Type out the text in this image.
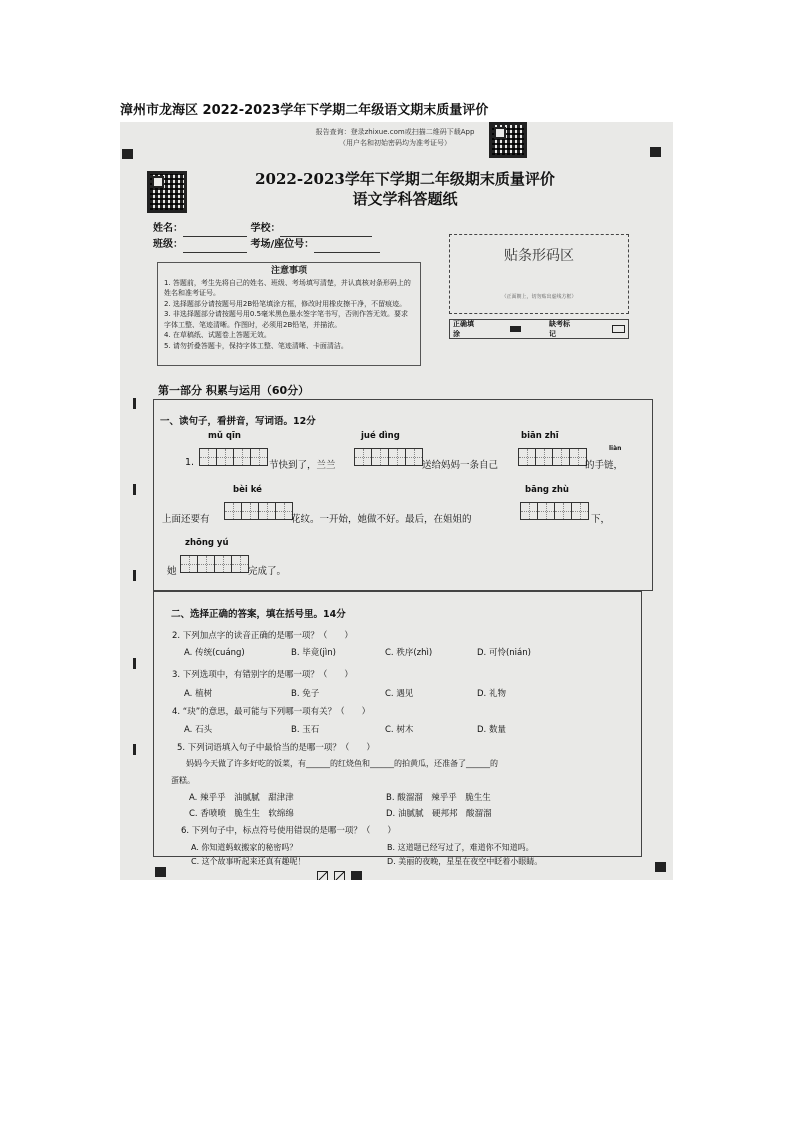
漳州市龙海区 2022-2023学年下学期二年级语文期末质量评价
报告查询：登录zhixue.com或扫描二维码下载App
（用户名和初始密码均为准考证号）
2022-2023学年下学期二年级期末质量评价
语文学科答题纸
姓名：	学校：
班级：	考场/座位号：
注意事项
1. 答题前，考生先将自己的姓名、班级、考场填写清楚，并认真核对条形码上的姓名和准考证号。
2. 选择题部分请按题号用2B铅笔填涂方框，修改时用橡皮擦干净，不留痕迹。
3. 非选择题部分请按题号用0.5毫米黑色墨水签字笔书写，否则作答无效。要求字体工整、笔迹清晰。作图时，必须用2B铅笔，并描浓。
4. 在草稿纸、试题卷上答题无效。
5. 请勿折叠答题卡，保持字体工整、笔迹清晰、卡面清洁。
贴条形码区
（正面朝上，切勿贴出虚线方框）
正确填涂
缺考标记
第一部分 积累与运用（60分）
一、读句子，看拼音，写词语。12分
mǔ qīn
1.	节快到了，兰兰
jué dìng
送给妈妈一条自己
biān zhī
liàn
的手链，
上面还要有
bèi ké
花纹。一开始，她做不好。最后，在姐姐的
bāng zhù
下，
她
zhōng yú
完成了。
二、选择正确的答案，填在括号里。14分
2. 下列加点字的读音正确的是哪一项？（　　）
A. 传统(cuáng)	B. 毕竟(jìn)	C. 秩序(zhì)	D. 可怜(nián)
3. 下列选项中，有错别字的是哪一项？（　　）
A. 植树	B. 免子	C. 遇见	D. 礼物
4. “玦”的意思，最可能与下列哪一项有关？（　　）
A. 石头	B. 玉石	C. 树木	D. 数量
5. 下列词语填入句子中最恰当的是哪一项？（　　）
妈妈今天做了许多好吃的饭菜，有______的红烧鱼和______的拍黄瓜，还准备了______的
蛋糕。
A. 辣乎乎　油腻腻　甜津津	B. 酸溜溜　辣乎乎　脆生生
C. 香喷喷　脆生生　软绵绵	D. 油腻腻　硬邦邦　酸溜溜
6. 下列句子中，标点符号使用错误的是哪一项？（　　）
A. 你知道蚂蚁搬家的秘密吗？	B. 这道题已经写过了，难道你不知道吗。
C. 这个故事听起来还真有趣呢！	D. 美丽的夜晚，星星在夜空中眨着小眼睛。
